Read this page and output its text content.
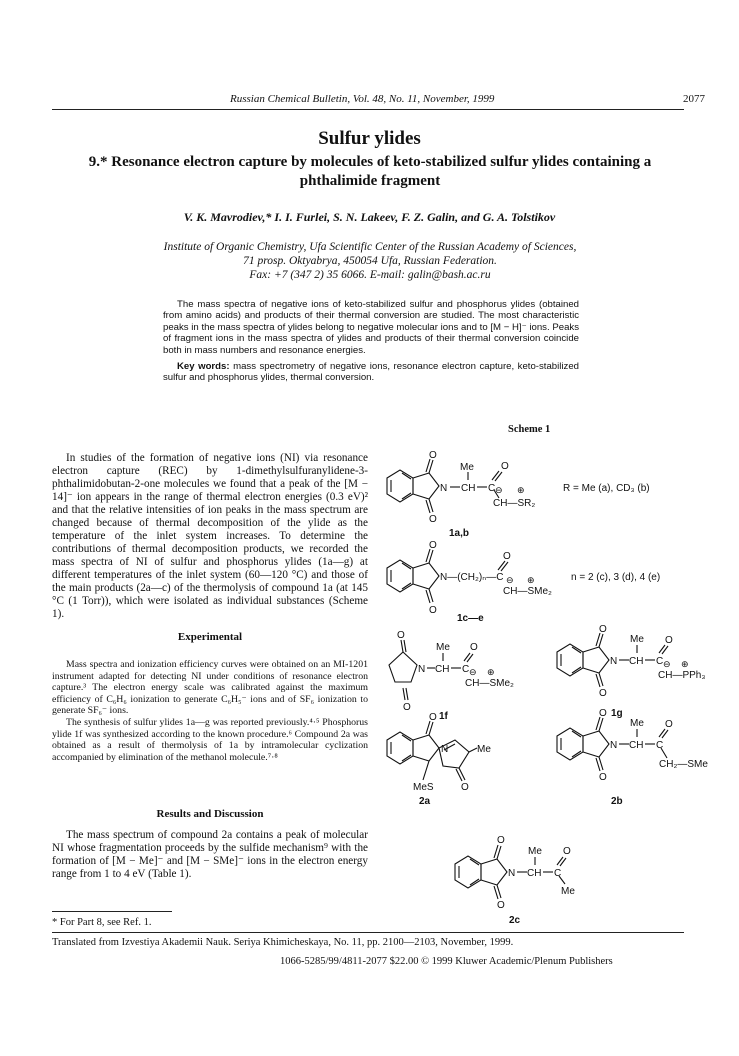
Russian Chemical Bulletin, Vol. 48, No. 11, November, 1999	2077
Sulfur ylides
9.* Resonance electron capture by molecules of keto-stabilized sulfur ylides containing a phthalimide fragment
V. K. Mavrodiev,* I. I. Furlei, S. N. Lakeev, F. Z. Galin, and G. A. Tolstikov
Institute of Organic Chemistry, Ufa Scientific Center of the Russian Academy of Sciences,
71 prosp. Oktyabrya, 450054 Ufa, Russian Federation.
Fax: +7 (347 2) 35 6066. E-mail: galin@bash.ac.ru

The mass spectra of negative ions of keto-stabilized sulfur and phosphorus ylides (obtained from amino acids) and products of their thermal conversion are studied. The most characteristic peaks in the mass spectra of ylides belong to negative molecular ions and to [M − H]⁻ ions. Peaks of fragment ions in the mass spectra of ylides and products of their thermal conversion coincide both in mass numbers and resonance energies.

Key words: mass spectrometry of negative ions, resonance electron capture, keto-stabilized sulfur and phosphorus ylides, thermal conversion.

In studies of the formation of negative ions (NI) via resonance electron capture (REC) by 1-dimethylsulfuranylidene-3-phthalimidobutan-2-one molecules we found that a peak of the [M − 14]⁻ ion appears in the range of thermal electron energies (0.3 eV)² and that the relative intensities of ion peaks in the mass spectrum are changed because of thermal decomposition of the ylide as the temperature of the inlet system increases. To determine the contributions of thermal decomposition products, we recorded the mass spectra of NI of sulfur and phosphorus ylides (1a—g) at different temperatures of the inlet system (60—120 °C) and those of the main products (2a—c) of the thermolysis of compound 1a (at 145 °C (1 Torr)), which were isolated as individual substances (Scheme 1).

Experimental

Mass spectra and ionization efficiency curves were obtained on an MI-1201 instrument adapted for detecting NI under conditions of resonance electron capture.³ The electron energy scale was calibrated against the maximum efficiency of C₆H₆ ionization to generate C₆H₅⁻ ions and of SF₆ ionization to generate SF₆⁻ ions.

The synthesis of sulfur ylides 1a—g was reported previously.⁴·⁵ Phosphorus ylide 1f was synthesized according to the known procedure.⁶ Compound 2a was obtained as a result of thermolysis of 1a by intramolecular cyclization accompanied by elimination of the methanol molecule.⁷·⁸

Results and Discussion

The mass spectrum of compound 2a contains a peak of molecular NI whose fragmentation proceeds by the sulfide mechanism⁹ with the formation of [M − Me]⁻ and [M − SMe]⁻ ions in the electron energy range from 1 to 4 eV (Table 1).

Scheme 1
O
O
N CH
Me
C
O
⊖ ⊕
CH—SR₂
R = Me (a), CD₃ (b)
1a,b
O
O
N—(CH₂)ₙ—C
O
⊖ ⊕
CH—SMe₂
n = 2 (c), 3 (d), 4 (e)
1c—e
O
O
N CH
Me
C
O
⊖ ⊕
CH—SMe₂
1f
O
O
N CH
Me
C
O
⊖ ⊕
CH—PPh₃
1g
O
N	Me
O
MeS
2a
O
O
N CH
Me
C
O
CH₂—SMe
2b
O
O
N CH
Me
C
O
Me
2c
* For Part 8, see Ref. 1.
Translated from Izvestiya Akademii Nauk. Seriya Khimicheskaya, No. 11, pp. 2100—2103, November, 1999.
1066-5285/99/4811-2077 $22.00 © 1999 Kluwer Academic/Plenum Publishers
